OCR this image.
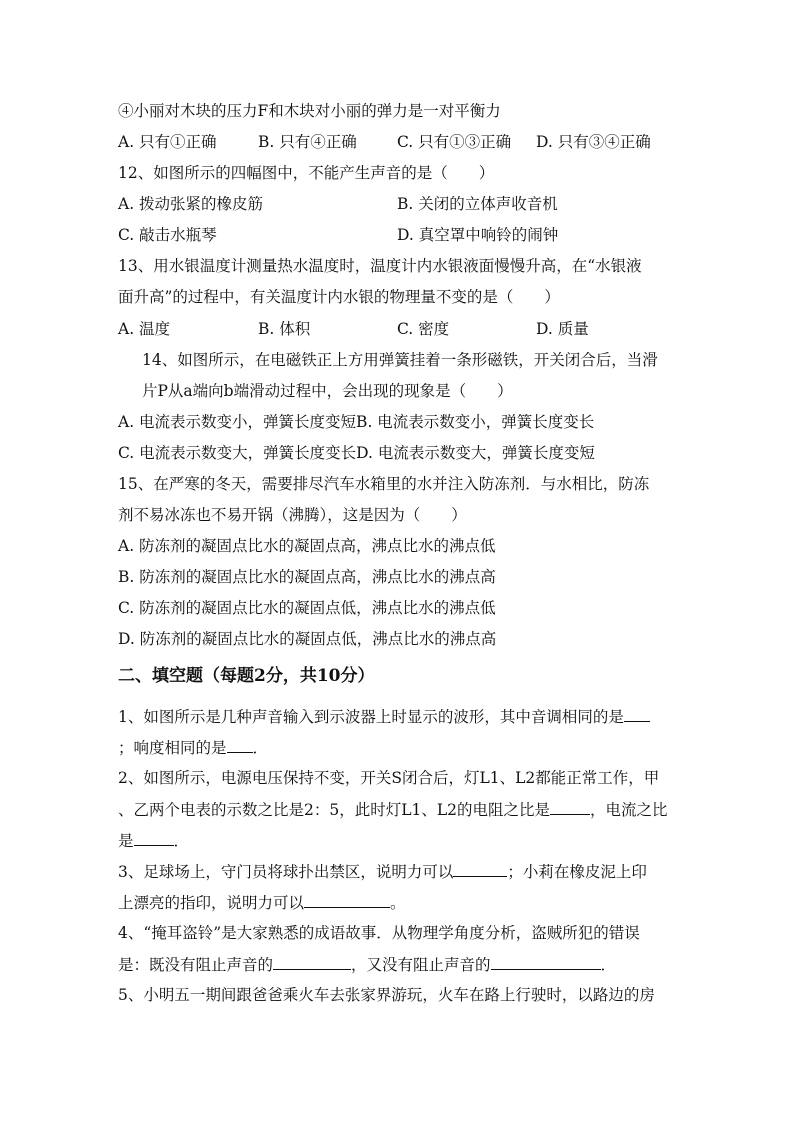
④小丽对木块的压力F和木块对小丽的弹力是一对平衡力
A. 只有①正确	B. 只有④正确	C. 只有①③正确 D. 只有③④正确
12、如图所示的四幅图中，不能产生声音的是（　　）
A. 拨动张紧的橡皮筋	B. 关闭的立体声收音机
C. 敲击水瓶琴	D. 真空罩中响铃的闹钟
13、用水银温度计测量热水温度时，温度计内水银液面慢慢升高，在“水银液
面升高”的过程中，有关温度计内水银的物理量不变的是（　　）
A. 温度	B. 体积	C. 密度	D. 质量
14、如图所示，在电磁铁正上方用弹簧挂着一条形磁铁，开关闭合后，当滑
片P从a端向b端滑动过程中，会出现的现象是（　　）
A. 电流表示数变小，弹簧长度变短B. 电流表示数变小，弹簧长度变长
C. 电流表示数变大，弹簧长度变长D. 电流表示数变大，弹簧长度变短
15、在严寒的冬天，需要排尽汽车水箱里的水并注入防冻剂．与水相比，防冻
剂不易冰冻也不易开锅（沸腾），这是因为（　　）
A. 防冻剂的凝固点比水的凝固点高，沸点比水的沸点低
B. 防冻剂的凝固点比水的凝固点高，沸点比水的沸点高
C. 防冻剂的凝固点比水的凝固点低，沸点比水的沸点低
D. 防冻剂的凝固点比水的凝固点低，沸点比水的沸点高
二、填空题（每题2分，共10分）
1、如图所示是几种声音输入到示波器上时显示的波形，其中音调相同的是
；响度相同的是 ．
2、如图所示，电源电压保持不变，开关S闭合后，灯L1、L2都能正常工作，甲
、乙两个电表的示数之比是2：5，此时灯L1、L2的电阻之比是	，电流之比
是	．
3、足球场上，守门员将球扑出禁区，说明力可以	；小莉在橡皮泥上印
上漂亮的指印，说明力可以	。
4、“掩耳盗铃”是大家熟悉的成语故事．从物理学角度分析，盗贼所犯的错误
是：既没有阻止声音的	，又没有阻止声音的	．
5、小明五一期间跟爸爸乘火车去张家界游玩，火车在路上行驶时，以路边的房
